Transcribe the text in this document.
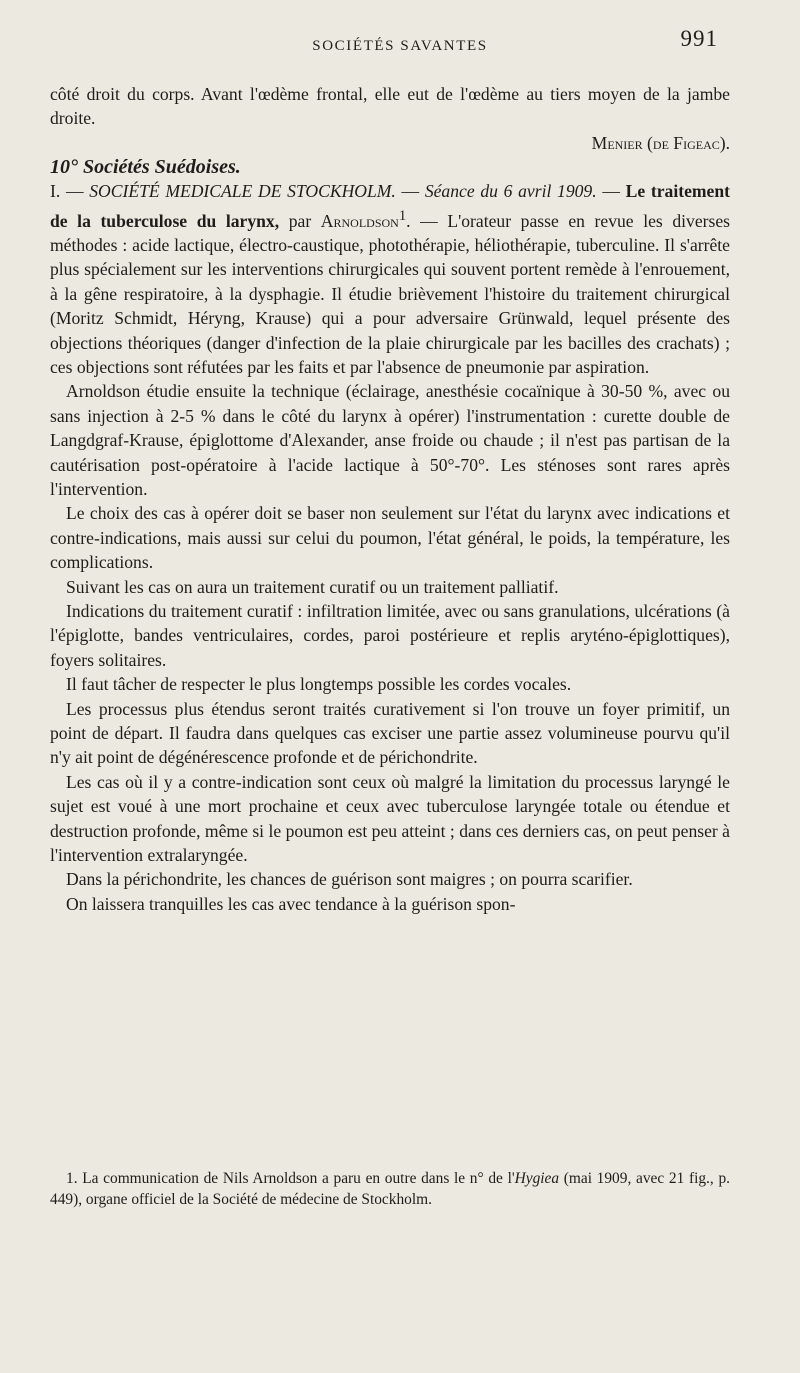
SOCIÉTÉS SAVANTES	991

côté droit du corps. Avant l'œdème frontal, elle eut de l'œdème au tiers moyen de la jambe droite.

Menier (de Figeac).

10° Sociétés Suédoises.

I. — SOCIÉTÉ MEDICALE DE STOCKHOLM. — Séance du 6 avril 1909. — Le traitement de la tuberculose du larynx, par Arnoldson$^1$. — L'orateur passe en revue les diverses méthodes : acide lactique, électro-caustique, photothérapie, héliothérapie, tuberculine. Il s'arrête plus spécialement sur les interventions chirurgicales qui souvent portent remède à l'enrouement, à la gêne respiratoire, à la dysphagie. Il étudie brièvement l'histoire du traitement chirurgical (Moritz Schmidt, Héryng, Krause) qui a pour adversaire Grünwald, lequel présente des objections théoriques (danger d'infection de la plaie chirurgicale par les bacilles des crachats) ; ces objections sont réfutées par les faits et par l'absence de pneumonie par aspiration.

Arnoldson étudie ensuite la technique (éclairage, anesthésie cocaïnique à 30-50 %, avec ou sans injection à 2-5 % dans le côté du larynx à opérer) l'instrumentation : curette double de Langdgraf-Krause, épiglottome d'Alexander, anse froide ou chaude ; il n'est pas partisan de la cautérisation post-opératoire à l'acide lactique à 50°-70°. Les sténoses sont rares après l'intervention.

Le choix des cas à opérer doit se baser non seulement sur l'état du larynx avec indications et contre-indications, mais aussi sur celui du poumon, l'état général, le poids, la température, les complications.

Suivant les cas on aura un traitement curatif ou un traitement palliatif.

Indications du traitement curatif : infiltration limitée, avec ou sans granulations, ulcérations (à l'épiglotte, bandes ventriculaires, cordes, paroi postérieure et replis aryténo-épiglottiques), foyers solitaires.

Il faut tâcher de respecter le plus longtemps possible les cordes vocales.

Les processus plus étendus seront traités curativement si l'on trouve un foyer primitif, un point de départ. Il faudra dans quelques cas exciser une partie assez volumineuse pourvu qu'il n'y ait point de dégénérescence profonde et de périchondrite.

Les cas où il y a contre-indication sont ceux où malgré la limitation du processus laryngé le sujet est voué à une mort prochaine et ceux avec tuberculose laryngée totale ou étendue et destruction profonde, même si le poumon est peu atteint ; dans ces derniers cas, on peut penser à l'intervention extralaryngée.

Dans la périchondrite, les chances de guérison sont maigres ; on pourra scarifier.

On laissera tranquilles les cas avec tendance à la guérison spon-

1. La communication de Nils Arnoldson a paru en outre dans le n° de l'Hygiea (mai 1909, avec 21 fig., p. 449), organe officiel de la Société de médecine de Stockholm.
